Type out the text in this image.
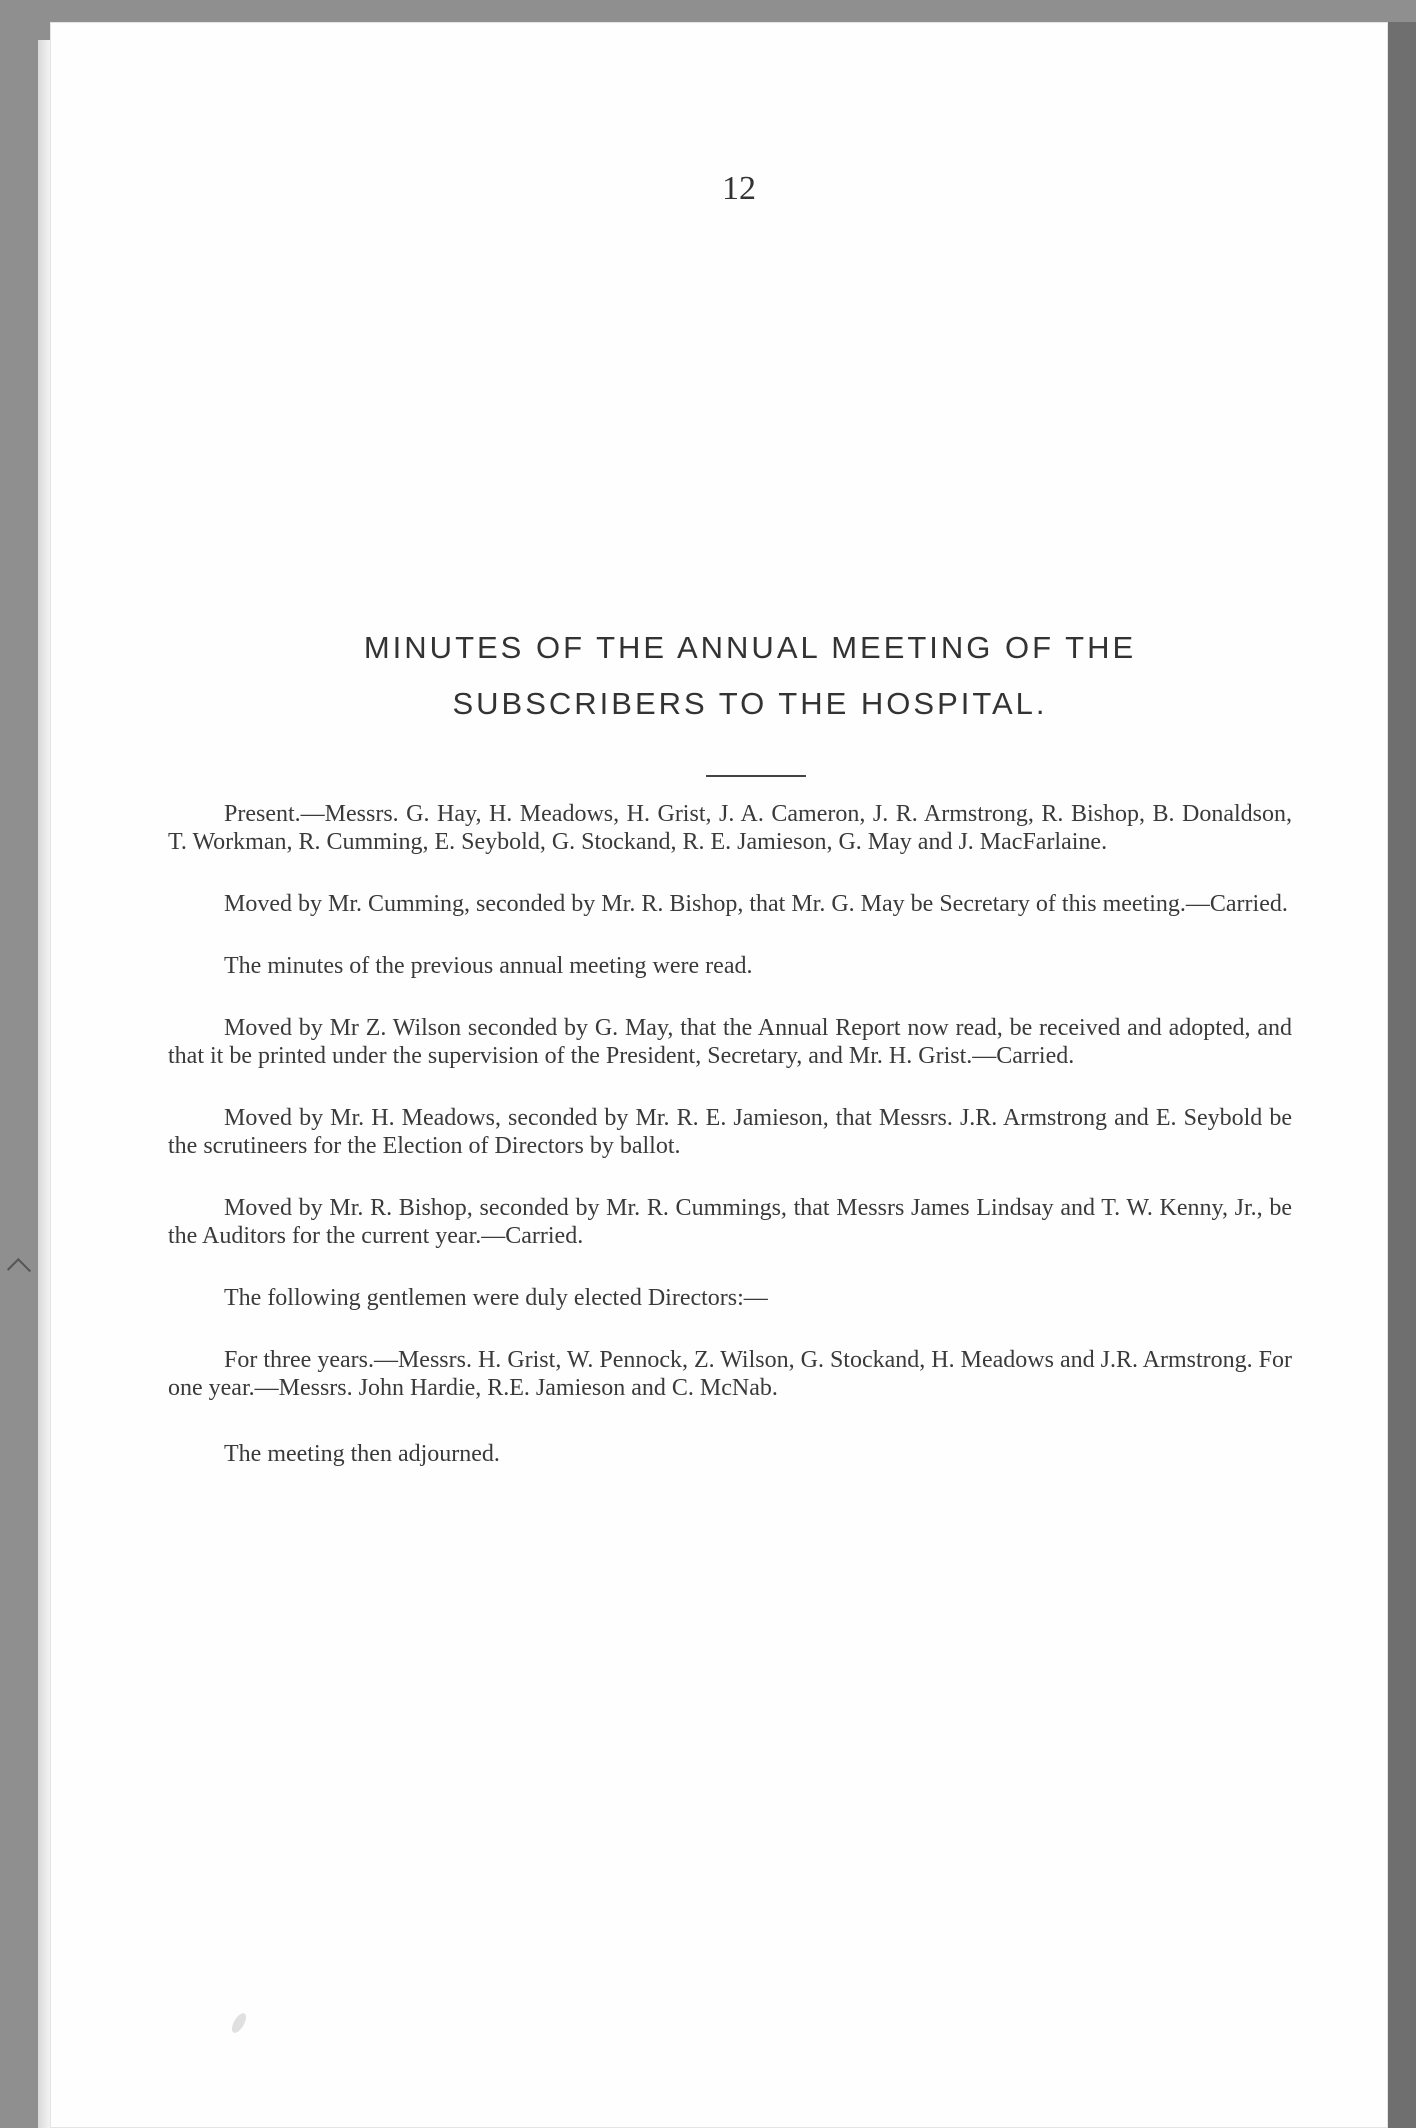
12
MINUTES OF THE ANNUAL MEETING OF THE
SUBSCRIBERS TO THE HOSPITAL.

Present.—Messrs. G. Hay, H. Meadows, H. Grist, J. A. Cameron, J. R. Armstrong, R. Bishop, B. Donaldson, T. Workman, R. Cumming, E. Seybold, G. Stockand, R. E. Jamieson, G. May and J. MacFarlaine.

Moved by Mr. Cumming, seconded by Mr. R. Bishop, that Mr. G. May be Secretary of this meeting.—Carried.

The minutes of the previous annual meeting were read.

Moved by Mr Z. Wilson seconded by G. May, that the Annual Report now read, be received and adopted, and that it be printed under the supervision of the President, Secretary, and Mr. H. Grist.—Carried.

Moved by Mr. H. Meadows, seconded by Mr. R. E. Jamieson, that Messrs. J.R. Armstrong and E. Seybold be the scrutineers for the Election of Directors by ballot.

Moved by Mr. R. Bishop, seconded by Mr. R. Cummings, that Messrs James Lindsay and T. W. Kenny, Jr., be the Auditors for the current year.—Carried.

The following gentlemen were duly elected Directors:—

For three years.—Messrs. H. Grist, W. Pennock, Z. Wilson, G. Stockand, H. Meadows and J.R. Armstrong. For one year.—Messrs. John Hardie, R.E. Jamieson and C. McNab.

The meeting then adjourned.
